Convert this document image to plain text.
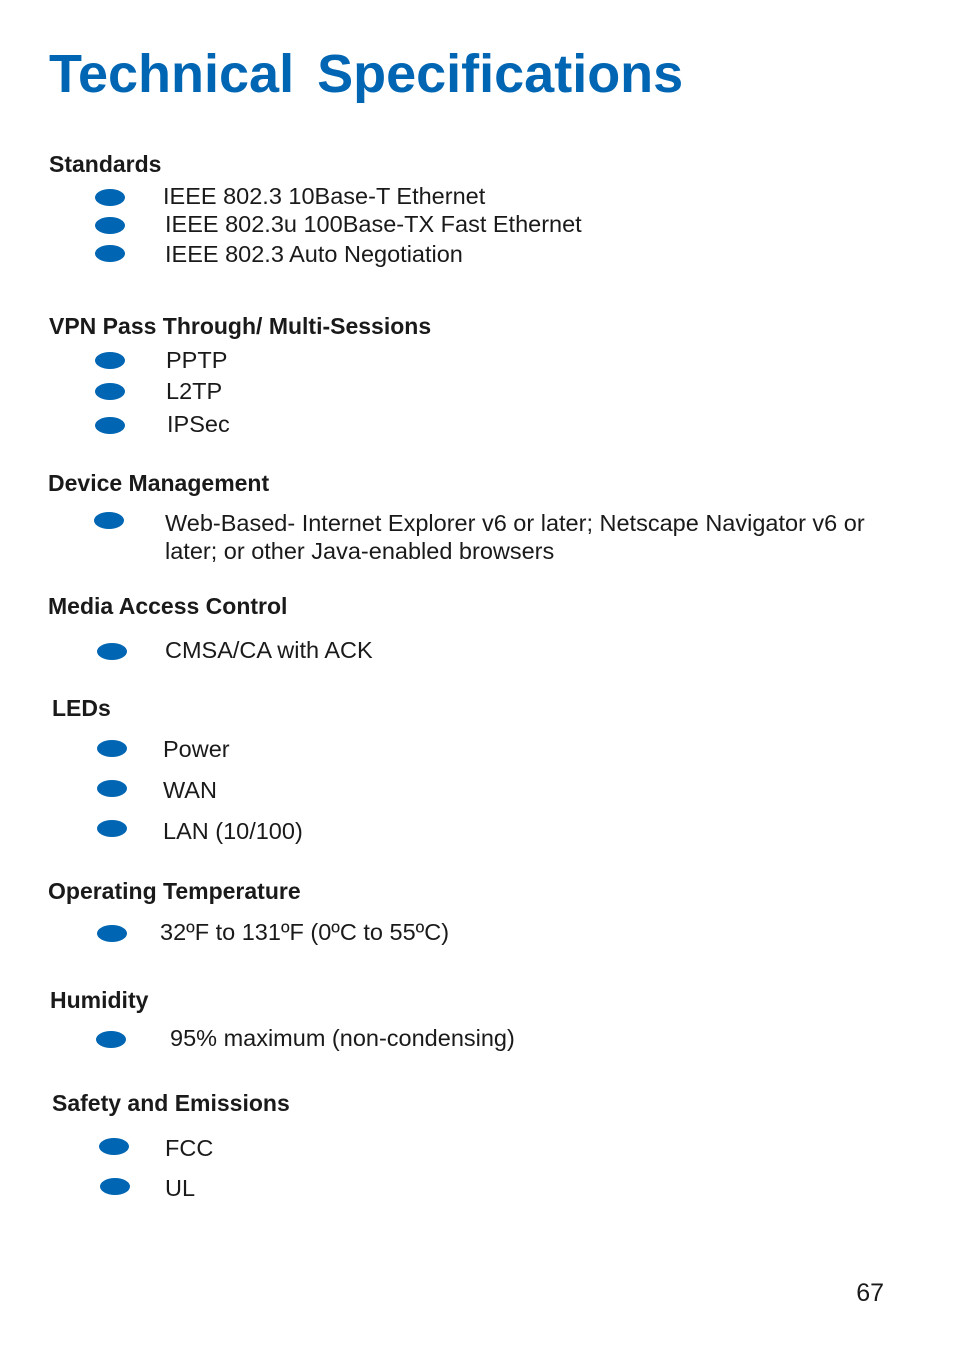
Technical Specifications
Standards

IEEE 802.3 10Base-T Ethernet

IEEE 802.3u 100Base-TX Fast Ethernet

IEEE 802.3 Auto Negotiation

VPN Pass Through/ Multi-Sessions

PPTP

L2TP

IPSec

Device Management

Web-Based- Internet Explorer v6 or later; Netscape Navigator v6 or later; or other Java-enabled browsers

Media Access Control

CMSA/CA with ACK

LEDs

Power

WAN

LAN (10/100)

Operating Temperature

32ºF to 131ºF (0ºC to 55ºC)

Humidity

95% maximum (non-condensing)

Safety and Emissions

FCC

UL

67
